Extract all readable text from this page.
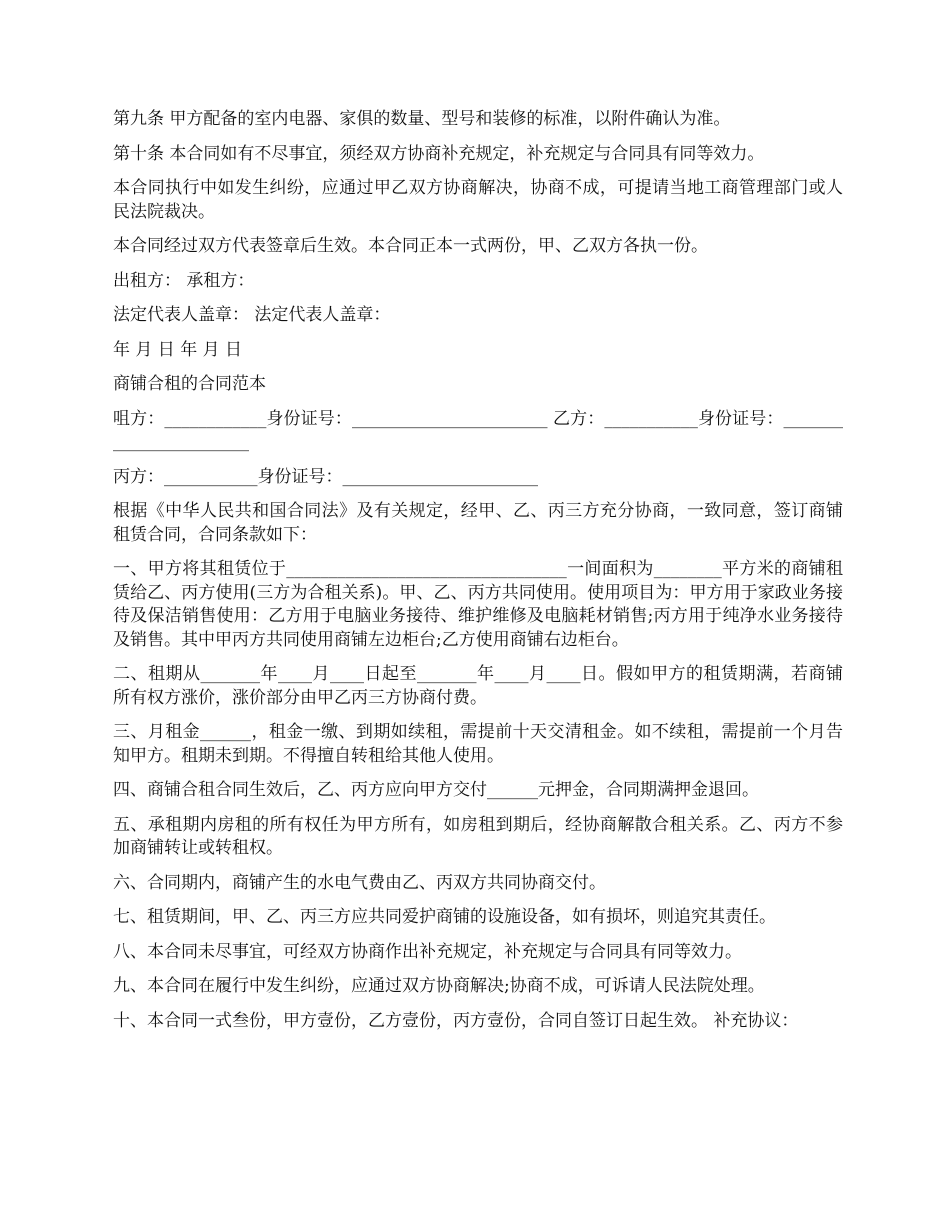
第九条 甲方配备的室内电器、家俱的数量、型号和装修的标准，以附件确认为准。

第十条 本合同如有不尽事宜，须经双方协商补充规定，补充规定与合同具有同等效力。

本合同执行中如发生纠纷，应通过甲乙双方协商解决，协商不成，可提请当地工商管理部门或人民法院裁决。

本合同经过双方代表签章后生效。本合同正本一式两份，甲、乙双方各执一份。

出租方： 承租方：

法定代表人盖章： 法定代表人盖章：

年 月 日 年 月 日

商铺合租的合同范本

咀方：____________身份证号：_______________________ 乙方：___________身份证号：_______________________

丙方：___________身份证号：_______________________

根据《中华人民共和国合同法》及有关规定，经甲、乙、丙三方充分协商，一致同意，签订商铺租赁合同，合同条款如下：

一、甲方将其租赁位于_________________________________一间面积为________平方米的商铺租赁给乙、丙方使用(三方为合租关系)。甲、乙、丙方共同使用。使用项目为：甲方用于家政业务接待及保洁销售使用：乙方用于电脑业务接待、维护维修及电脑耗材销售;丙方用于纯净水业务接待及销售。其中甲丙方共同使用商铺左边柜台;乙方使用商铺右边柜台。

二、租期从_______年____月____日起至_______年____月____日。假如甲方的租赁期满，若商铺所有权方涨价，涨价部分由甲乙丙三方协商付费。

三、月租金______，租金一缴、到期如续租，需提前十天交清租金。如不续租，需提前一个月告知甲方。租期未到期。不得擅自转租给其他人使用。

四、商铺合租合同生效后，乙、丙方应向甲方交付______元押金，合同期满押金退回。

五、承租期内房租的所有权任为甲方所有，如房租到期后，经协商解散合租关系。乙、丙方不参加商铺转让或转租权。

六、合同期内，商铺产生的水电气费由乙、丙双方共同协商交付。

七、租赁期间，甲、乙、丙三方应共同爱护商铺的设施设备，如有损坏，则追究其责任。

八、本合同未尽事宜，可经双方协商作出补充规定，补充规定与合同具有同等效力。

九、本合同在履行中发生纠纷，应通过双方协商解决;协商不成，可诉请人民法院处理。

十、本合同一式叁份，甲方壹份，乙方壹份，丙方壹份，合同自签订日起生效。 补充协议：
